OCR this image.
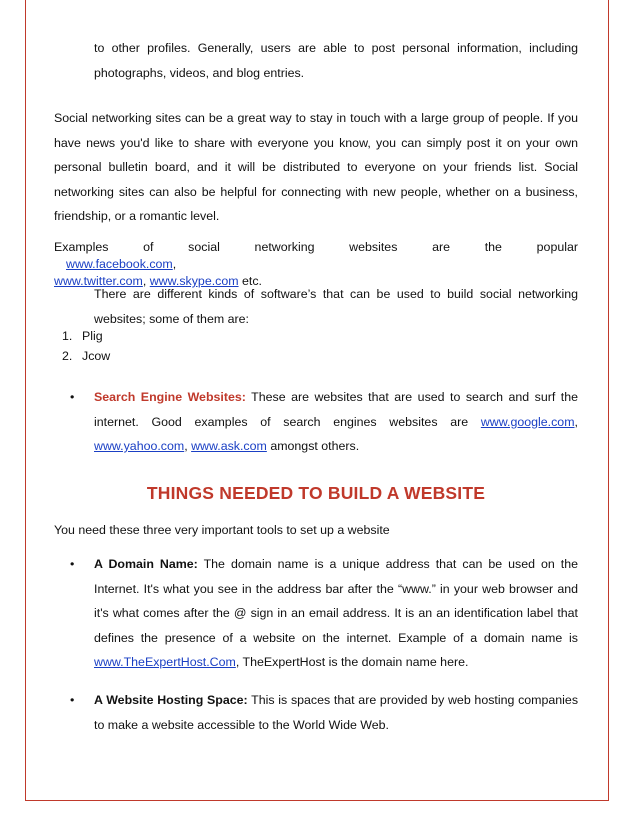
to other profiles. Generally, users are able to post personal information, including

photographs, videos, and blog entries.

Social networking sites can be a great way to stay in touch with a large group of people. If you have news you'd like to share with everyone you know, you can simply post it on your own personal bulletin board, and it will be distributed to everyone on your friends list. Social networking sites can also be helpful for connecting with new people, whether on a business, friendship, or a romantic level.

Examples of social networking websites are the popular www.facebook.com,
www.twitter.com, www.skype.com etc.

There are different kinds of software’s that can be used to build social networking websites; some of them are:

1. Plig
2. Jcow
• Search Engine Websites: These are websites that are used to search and surf the internet. Good examples of search engines websites are www.google.com, www.yahoo.com, www.ask.com amongst others.

THINGS NEEDED TO BUILD A WEBSITE

You need these three very important tools to set up a website

• A Domain Name: The domain name is a unique address that can be used on the Internet. It's what you see in the address bar after the “www.” in your web browser and it's what comes after the @ sign in an email address. It is an an identification label that defines the presence of a website on the internet. Example of a domain name is www.TheExpertHost.Com, TheExpertHost is the domain name here.

• A Website Hosting Space: This is spaces that are provided by web hosting companies to make a website accessible to the World Wide Web.
